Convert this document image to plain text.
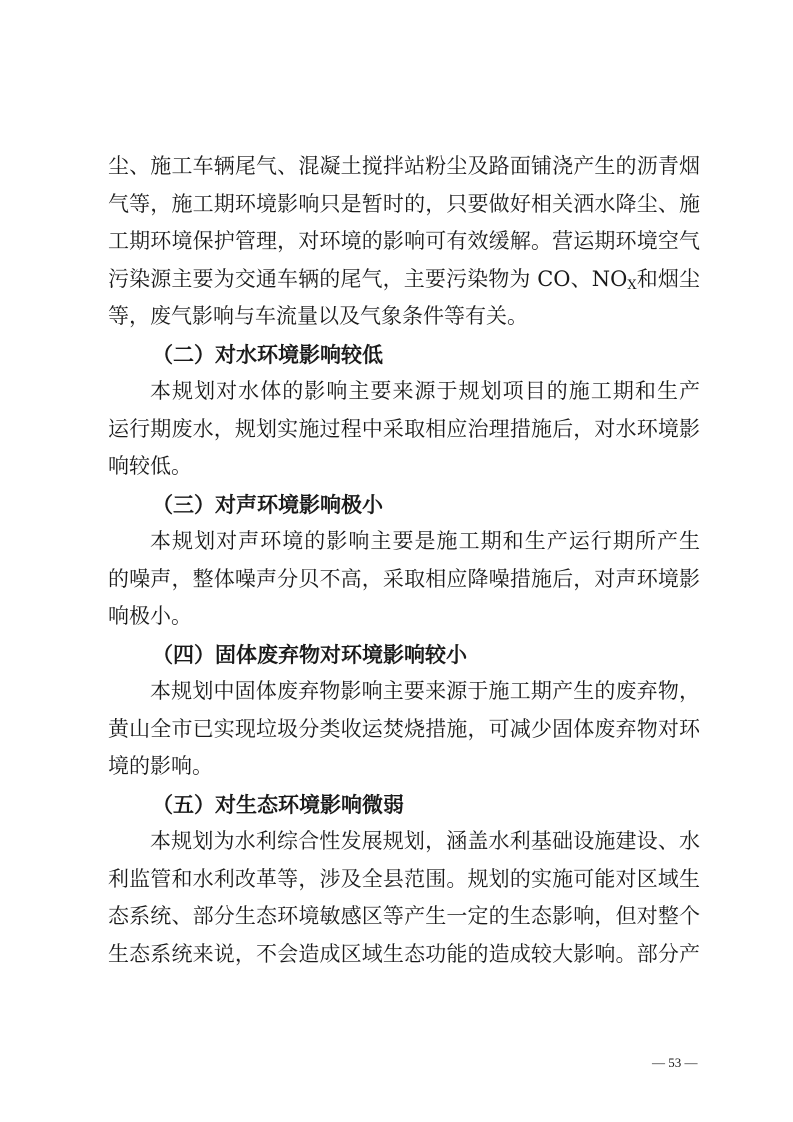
尘、施工车辆尾气、混凝土搅拌站粉尘及路面铺浇产生的沥青烟
气等，施工期环境影响只是暂时的，只要做好相关洒水降尘、施
工期环境保护管理，对环境的影响可有效缓解。营运期环境空气
污染源主要为交通车辆的尾气，主要污染物为 CO、$NO_X$和烟尘
等，废气影响与车流量以及气象条件等有关。
（二）对水环境影响较低
本规划对水体的影响主要来源于规划项目的施工期和生产
运行期废水，规划实施过程中采取相应治理措施后，对水环境影
响较低。
（三）对声环境影响极小
本规划对声环境的影响主要是施工期和生产运行期所产生
的噪声，整体噪声分贝不高，采取相应降噪措施后，对声环境影
响极小。
（四）固体废弃物对环境影响较小
本规划中固体废弃物影响主要来源于施工期产生的废弃物，
黄山全市已实现垃圾分类收运焚烧措施，可减少固体废弃物对环
境的影响。
（五）对生态环境影响微弱
本规划为水利综合性发展规划，涵盖水利基础设施建设、水
利监管和水利改革等，涉及全县范围。规划的实施可能对区域生
态系统、部分生态环境敏感区等产生一定的生态影响，但对整个
生态系统来说，不会造成区域生态功能的造成较大影响。部分产
— 53 —
